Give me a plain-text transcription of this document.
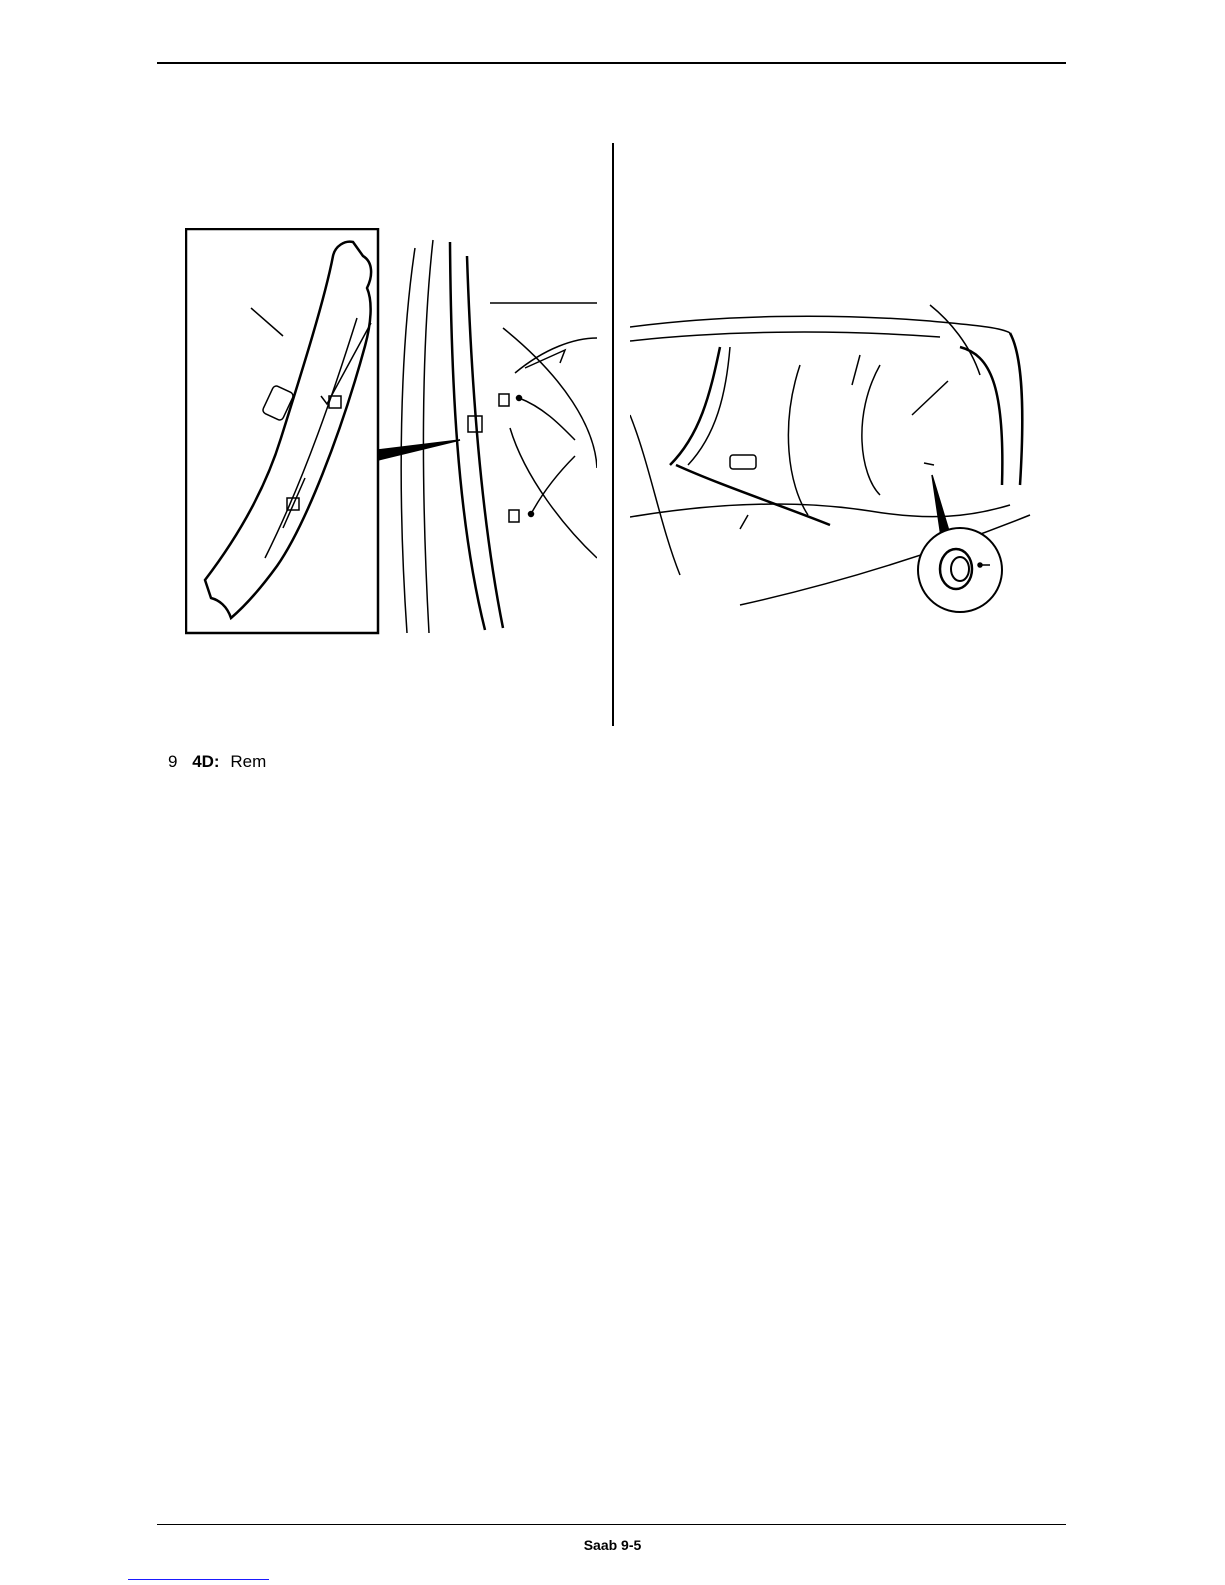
9 4D: Rem
Saab 9-5
